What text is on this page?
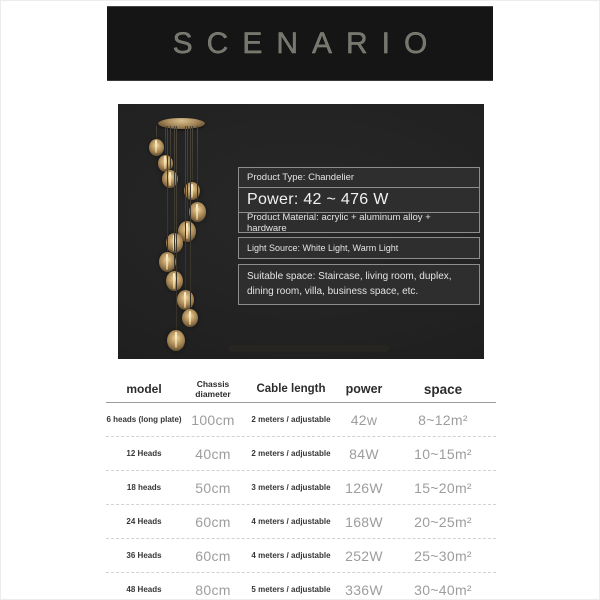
SCENARIO
Product Type: Chandelier
Power: 42 ~ 476 W
Product Material: acrylic + aluminum alloy + hardware
Light Source: White Light, Warm Light
Suitable space: Staircase, living room, duplex, dining room, villa, business space, etc.
model	Chassis diameter	Cable length	power	space
6 heads (long plate) 100cm	2 meters / adjustable	42w	8~12m²
12 Heads	40cm	2 meters / adjustable	84W	10~15m²
18 heads	50cm	3 meters / adjustable	126W	15~20m²
24 Heads	60cm	4 meters / adjustable	168W	20~25m²
36 Heads	60cm	4 meters / adjustable	252W	25~30m²
48 Heads	80cm	5 meters / adjustable	336W	30~40m²
